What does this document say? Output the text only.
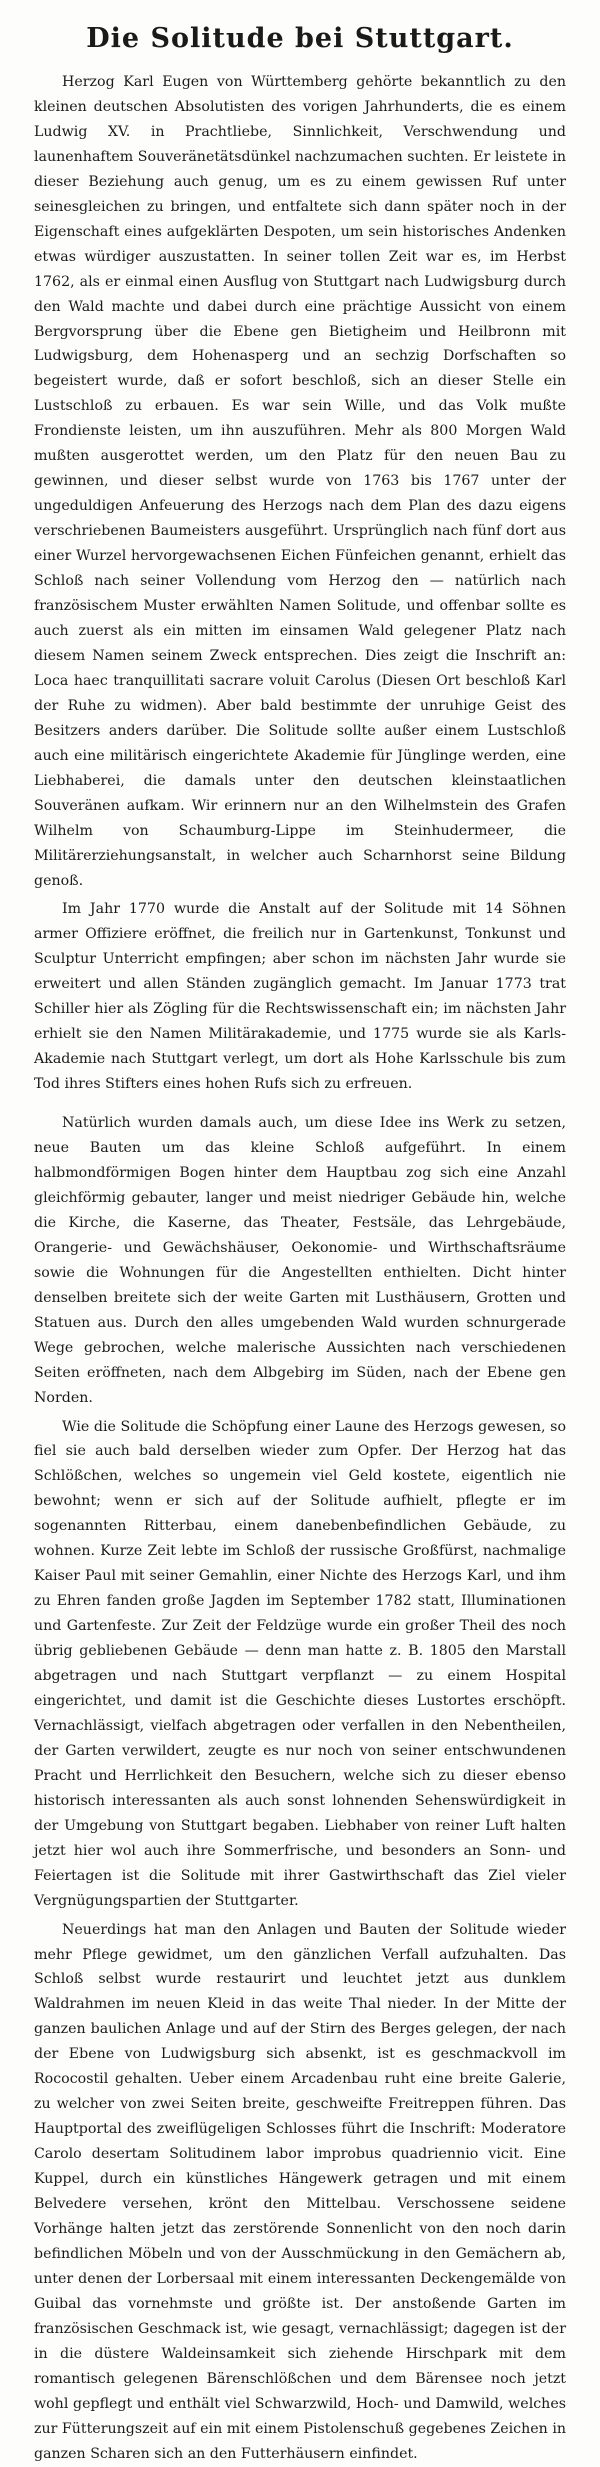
Die Solitude bei Stuttgart.

Herzog Karl Eugen von Württemberg gehörte bekanntlich zu den kleinen deutschen Absolutisten des vorigen Jahrhunderts, die es einem Ludwig XV. in Prachtliebe, Sinnlichkeit, Verschwendung und launenhaftem Souveränetätsdünkel nachzumachen suchten. Er leistete in dieser Beziehung auch genug, um es zu einem gewissen Ruf unter seinesgleichen zu bringen, und entfaltete sich dann später noch in der Eigenschaft eines aufgeklärten Despoten, um sein historisches Andenken etwas würdiger auszustatten. In seiner tollen Zeit war es, im Herbst 1762, als er einmal einen Ausflug von Stuttgart nach Ludwigsburg durch den Wald machte und dabei durch eine prächtige Aussicht von einem Bergvorsprung über die Ebene gen Bietigheim und Heilbronn mit Ludwigsburg, dem Hohenasperg und an sechzig Dorfschaften so begeistert wurde, daß er sofort beschloß, sich an dieser Stelle ein Lustschloß zu erbauen. Es war sein Wille, und das Volk mußte Frondienste leisten, um ihn auszuführen. Mehr als 800 Morgen Wald mußten ausgerottet werden, um den Platz für den neuen Bau zu gewinnen, und dieser selbst wurde von 1763 bis 1767 unter der ungeduldigen Anfeuerung des Herzogs nach dem Plan des dazu eigens verschriebenen Baumeisters ausgeführt. Ursprünglich nach fünf dort aus einer Wurzel hervorgewachsenen Eichen Fünfeichen genannt, erhielt das Schloß nach seiner Vollendung vom Herzog den — natürlich nach französischem Muster erwählten Namen Solitude, und offenbar sollte es auch zuerst als ein mitten im einsamen Wald gelegener Platz nach diesem Namen seinem Zweck entsprechen. Dies zeigt die Inschrift an: Loca haec tranquillitati sacrare voluit Carolus (Diesen Ort beschloß Karl der Ruhe zu widmen). Aber bald bestimmte der unruhige Geist des Besitzers anders darüber. Die Solitude sollte außer einem Lustschloß auch eine militärisch eingerichtete Akademie für Jünglinge werden, eine Liebhaberei, die damals unter den deutschen kleinstaatlichen Souveränen aufkam. Wir erinnern nur an den Wilhelmstein des Grafen Wilhelm von Schaumburg-Lippe im Steinhudermeer, die Militärerziehungsanstalt, in welcher auch Scharnhorst seine Bildung genoß.

Im Jahr 1770 wurde die Anstalt auf der Solitude mit 14 Söhnen armer Offiziere eröffnet, die freilich nur in Gartenkunst, Tonkunst und Sculptur Unterricht empfingen; aber schon im nächsten Jahr wurde sie erweitert und allen Ständen zugänglich gemacht. Im Januar 1773 trat Schiller hier als Zögling für die Rechtswissenschaft ein; im nächsten Jahr erhielt sie den Namen Militärakademie, und 1775 wurde sie als Karls-Akademie nach Stuttgart verlegt, um dort als Hohe Karlsschule bis zum Tod ihres Stifters eines hohen Rufs sich zu erfreuen.

Natürlich wurden damals auch, um diese Idee ins Werk zu setzen, neue Bauten um das kleine Schloß aufgeführt. In einem halbmondförmigen Bogen hinter dem Hauptbau zog sich eine Anzahl gleichförmig gebauter, langer und meist niedriger Gebäude hin, welche die Kirche, die Kaserne, das Theater, Festsäle, das Lehrgebäude, Orangerie- und Gewächshäuser, Oekonomie- und Wirthschaftsräume sowie die Wohnungen für die Angestellten enthielten. Dicht hinter denselben breitete sich der weite Garten mit Lusthäusern, Grotten und Statuen aus. Durch den alles umgebenden Wald wurden schnurgerade Wege gebrochen, welche malerische Aussichten nach verschiedenen Seiten eröffneten, nach dem Albgebirg im Süden, nach der Ebene gen Norden.

Wie die Solitude die Schöpfung einer Laune des Herzogs gewesen, so fiel sie auch bald derselben wieder zum Opfer. Der Herzog hat das Schlößchen, welches so ungemein viel Geld kostete, eigentlich nie bewohnt; wenn er sich auf der Solitude aufhielt, pflegte er im sogenannten Ritterbau, einem danebenbefindlichen Gebäude, zu wohnen. Kurze Zeit lebte im Schloß der russische Großfürst, nachmalige Kaiser Paul mit seiner Gemahlin, einer Nichte des Herzogs Karl, und ihm zu Ehren fanden große Jagden im September 1782 statt, Illuminationen und Gartenfeste. Zur Zeit der Feldzüge wurde ein großer Theil des noch übrig gebliebenen Gebäude — denn man hatte z. B. 1805 den Marstall abgetragen und nach Stuttgart verpflanzt — zu einem Hospital eingerichtet, und damit ist die Geschichte dieses Lustortes erschöpft. Vernachlässigt, vielfach abgetragen oder verfallen in den Nebentheilen, der Garten verwildert, zeugte es nur noch von seiner entschwundenen Pracht und Herrlichkeit den Besuchern, welche sich zu dieser ebenso historisch interessanten als auch sonst lohnenden Sehenswürdigkeit in der Umgebung von Stuttgart begaben. Liebhaber von reiner Luft halten jetzt hier wol auch ihre Sommerfrische, und besonders an Sonn- und Feiertagen ist die Solitude mit ihrer Gastwirthschaft das Ziel vieler Vergnügungspartien der Stuttgarter.

Neuerdings hat man den Anlagen und Bauten der Solitude wieder mehr Pflege gewidmet, um den gänzlichen Verfall aufzuhalten. Das Schloß selbst wurde restaurirt und leuchtet jetzt aus dunklem Waldrahmen im neuen Kleid in das weite Thal nieder. In der Mitte der ganzen baulichen Anlage und auf der Stirn des Berges gelegen, der nach der Ebene von Ludwigsburg sich absenkt, ist es geschmackvoll im Rococostil gehalten. Ueber einem Arcadenbau ruht eine breite Galerie, zu welcher von zwei Seiten breite, geschweifte Freitreppen führen. Das Hauptportal des zweiflügeligen Schlosses führt die Inschrift: Moderatore Carolo desertam Solitudinem labor improbus quadriennio vicit. Eine Kuppel, durch ein künstliches Hängewerk getragen und mit einem Belvedere versehen, krönt den Mittelbau. Verschossene seidene Vorhänge halten jetzt das zerstörende Sonnenlicht von den noch darin befindlichen Möbeln und von der Ausschmückung in den Gemächern ab, unter denen der Lorbersaal mit einem interessanten Deckengemälde von Guibal das vornehmste und größte ist. Der anstoßende Garten im französischen Geschmack ist, wie gesagt, vernachlässigt; dagegen ist der in die düstere Waldeinsamkeit sich ziehende Hirschpark mit dem romantisch gelegenen Bärenschlößchen und dem Bärensee noch jetzt wohl gepflegt und enthält viel Schwarzwild, Hoch- und Damwild, welches zur Fütterungszeit auf ein mit einem Pistolenschuß gegebenes Zeichen in ganzen Scharen sich an den Futterhäusern einfindet.
